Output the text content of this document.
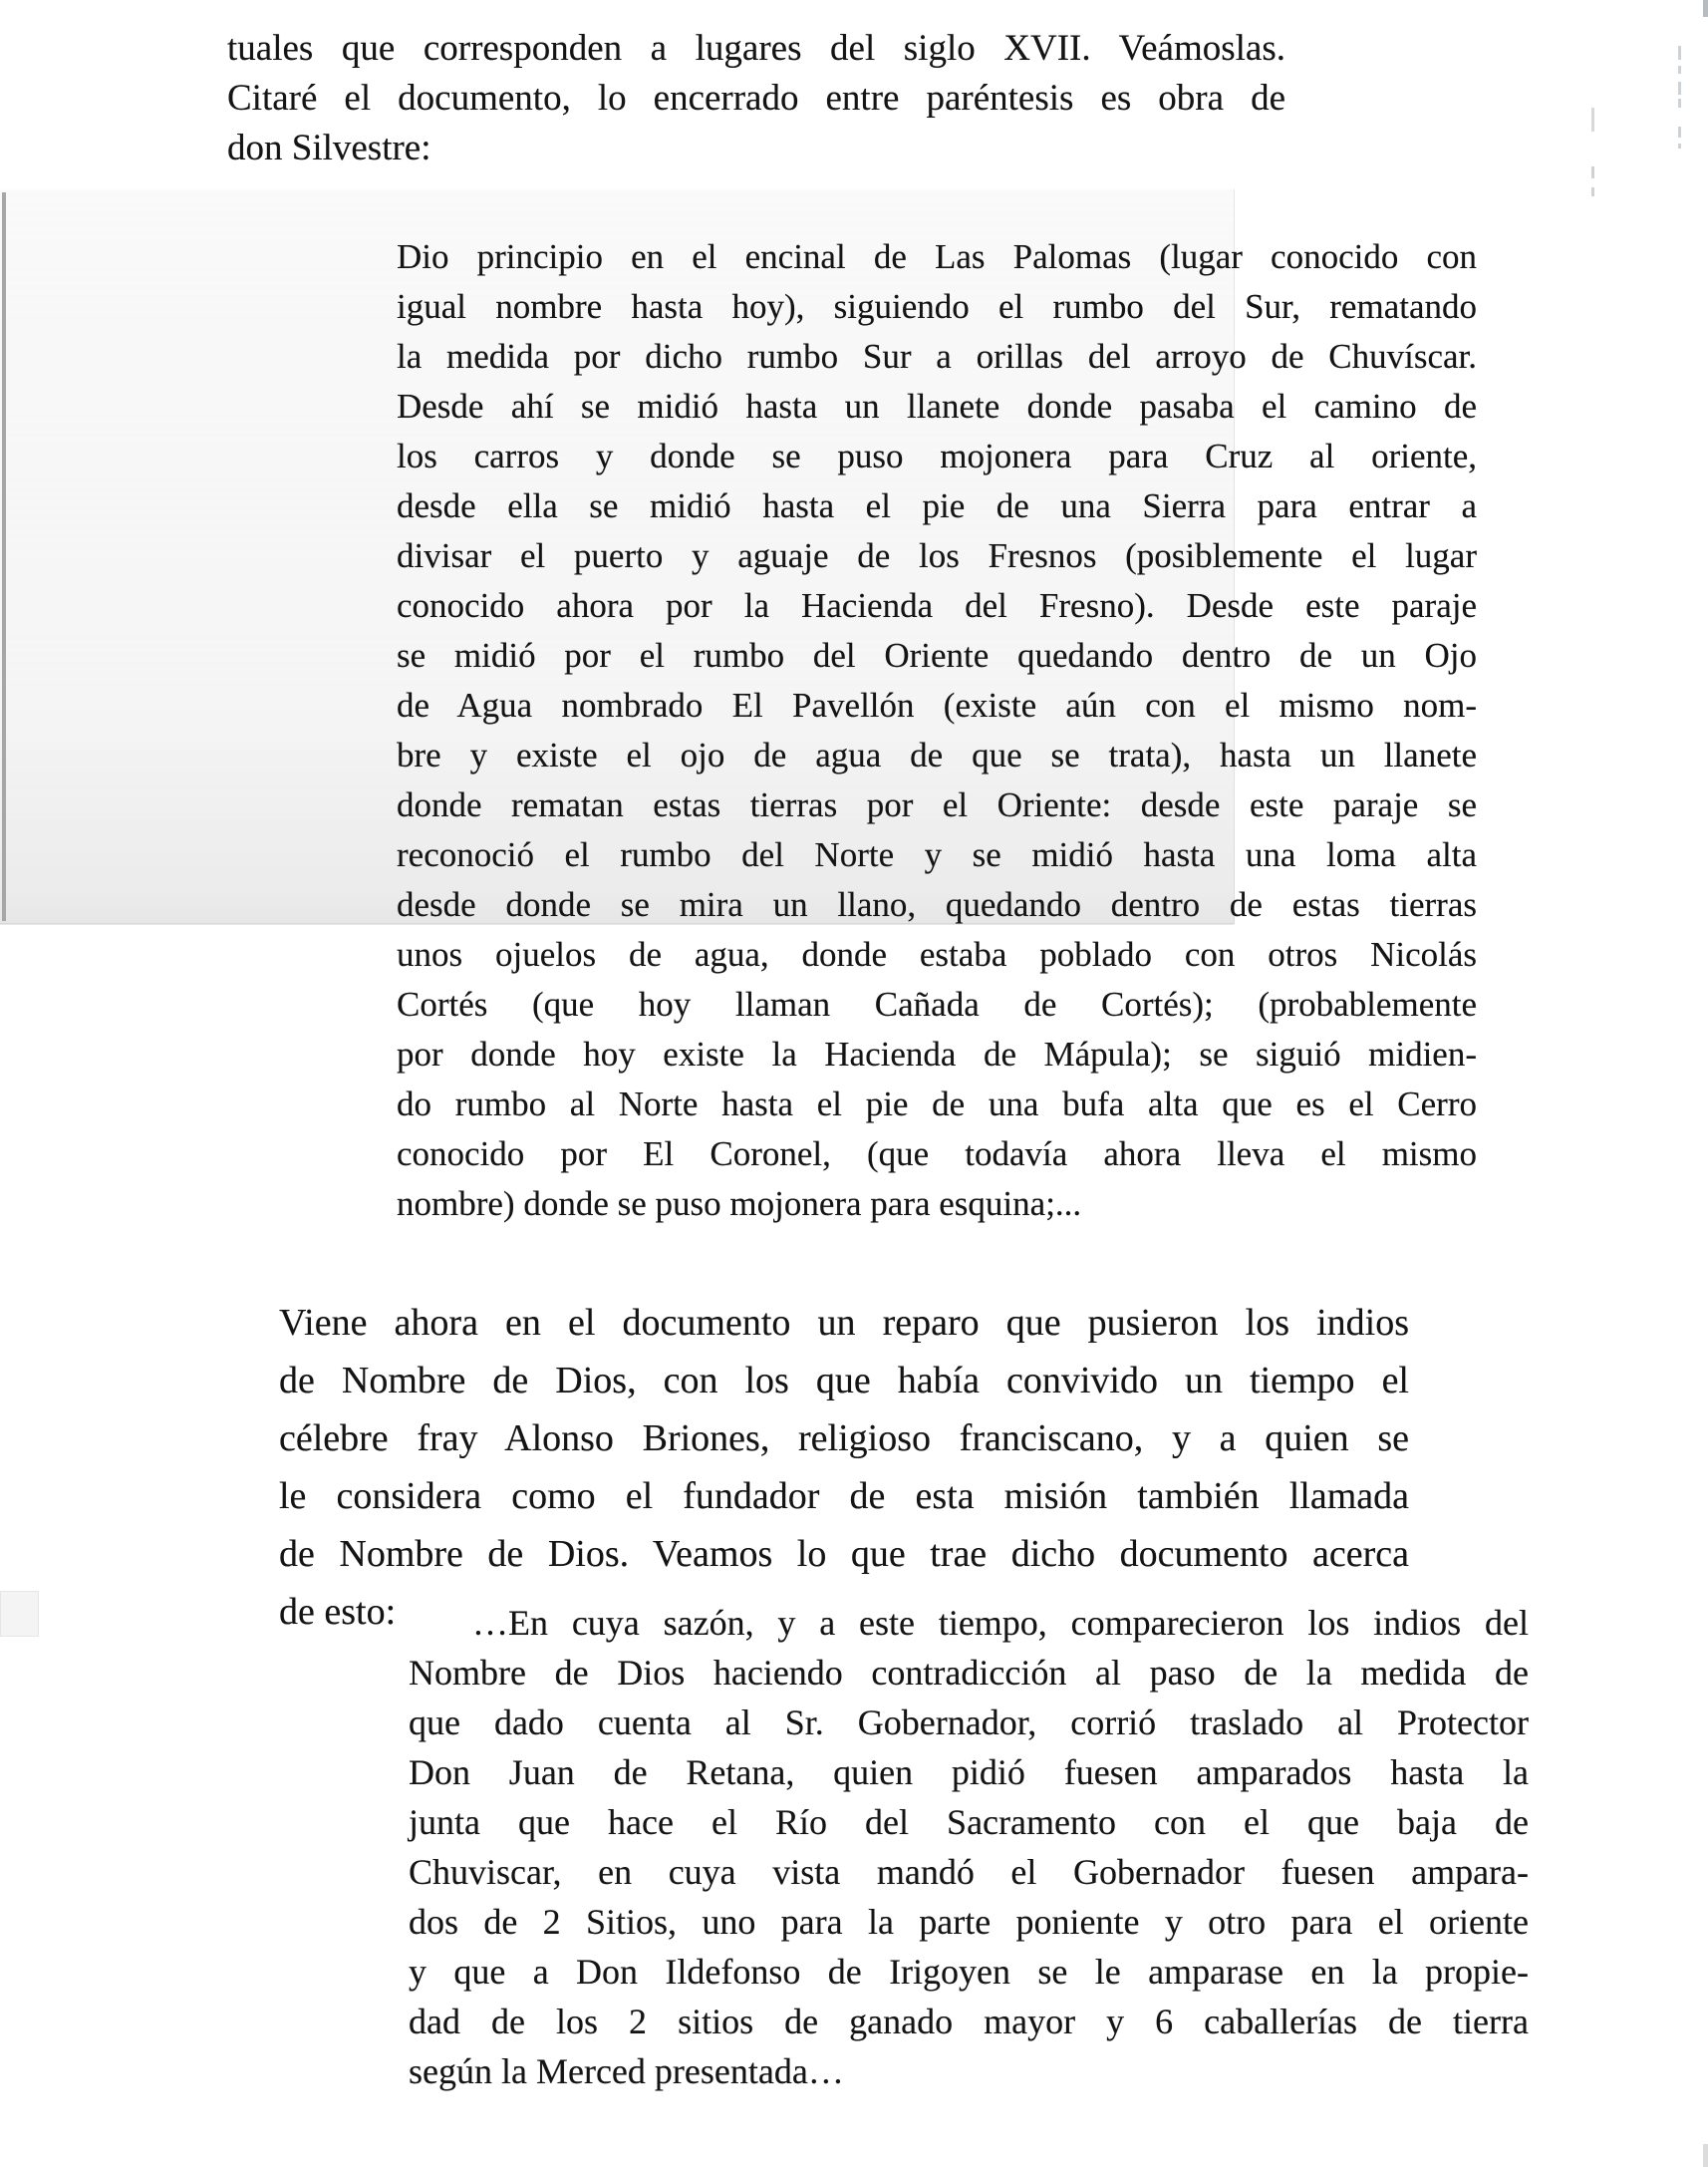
tuales que corresponden a lugares del siglo XVII. Veámoslas.
Citaré el documento, lo encerrado entre paréntesis es obra de
don Silvestre:
Dio principio en el encinal de Las Palomas (lugar conocido con
igual nombre hasta hoy), siguiendo el rumbo del Sur, rematando
la medida por dicho rumbo Sur a orillas del arroyo de Chuvíscar.
Desde ahí se midió hasta un llanete donde pasaba el camino de
los carros y donde se puso mojonera para Cruz al oriente,
desde ella se midió hasta el pie de una Sierra para entrar a
divisar el puerto y aguaje de los Fresnos (posiblemente el lugar
conocido ahora por la Hacienda del Fresno). Desde este paraje
se midió por el rumbo del Oriente quedando dentro de un Ojo
de Agua nombrado El Pavellón (existe aún con el mismo nom-
bre y existe el ojo de agua de que se trata), hasta un llanete
donde rematan estas tierras por el Oriente: desde este paraje se
reconoció el rumbo del Norte y se midió hasta una loma alta
desde donde se mira un llano, quedando dentro de estas tierras
unos ojuelos de agua, donde estaba poblado con otros Nicolás
Cortés (que hoy llaman Cañada de Cortés); (probablemente
por donde hoy existe la Hacienda de Mápula); se siguió midien-
do rumbo al Norte hasta el pie de una bufa alta que es el Cerro
conocido por El Coronel, (que todavía ahora lleva el mismo
nombre) donde se puso mojonera para esquina;...
Viene ahora en el documento un reparo que pusieron los indios
de Nombre de Dios, con los que había convivido un tiempo el
célebre fray Alonso Briones, religioso franciscano, y a quien se
le considera como el fundador de esta misión también llamada
de Nombre de Dios. Veamos lo que trae dicho documento acerca
de esto:	…En cuya sazón, y a este tiempo, comparecieron los indios del
Nombre de Dios haciendo contradicción al paso de la medida de
que dado cuenta al Sr. Gobernador, corrió traslado al Protector
Don Juan de Retana, quien pidió fuesen amparados hasta la
junta que hace el Río del Sacramento con el que baja de
Chuviscar, en cuya vista mandó el Gobernador fuesen ampara-
dos de 2 Sitios, uno para la parte poniente y otro para el oriente
y que a Don Ildefonso de Irigoyen se le amparase en la propie-
dad de los 2 sitios de ganado mayor y 6 caballerías de tierra
según la Merced presentada…
